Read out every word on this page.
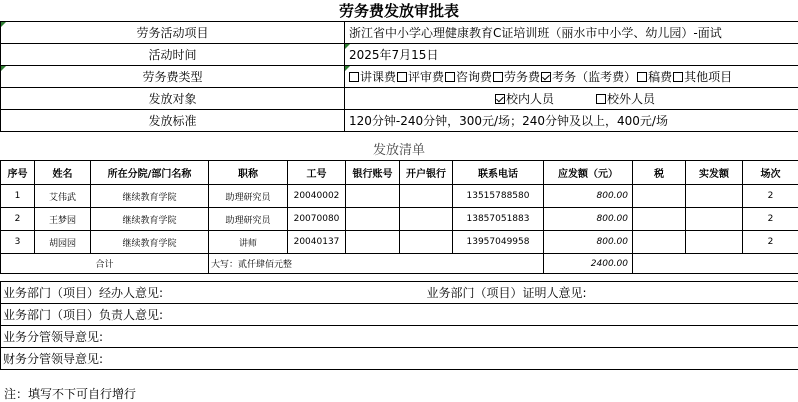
劳务费发放审批表
劳务活动项目	浙江省中小学心理健康教育C证培训班（丽水市中小学、幼儿园）-面试
活动时间	2025年7月15日
劳务费类型	讲课费 评审费 咨询费 劳务费 考务（监考费） 稿费 其他项目
发放对象	校内人员 校外人员
发放标准	120分钟-240分钟，300元/场；240分钟及以上，400元/场
发放清单
序号	姓名	所在分院/部门名称	职称	工号	银行账号	开户银行	联系电话	应发额（元）	税	实发额	场次
1	艾伟武	继续教育学院	助理研究员	20040002			13515788580	800.00			2
2	王梦园	继续教育学院	助理研究员	20070080			13857051883	800.00			2
3	胡园园	继续教育学院	讲师	20040137			13957049958	800.00			2
合计			大写：贰仟肆佰元整					2400.00			
业务部门（项目）经办人意见:	业务部门（项目）证明人意见:
业务部门（项目）负责人意见:
业务分管领导意见:
财务分管领导意见:
注：填写不下可自行增行
